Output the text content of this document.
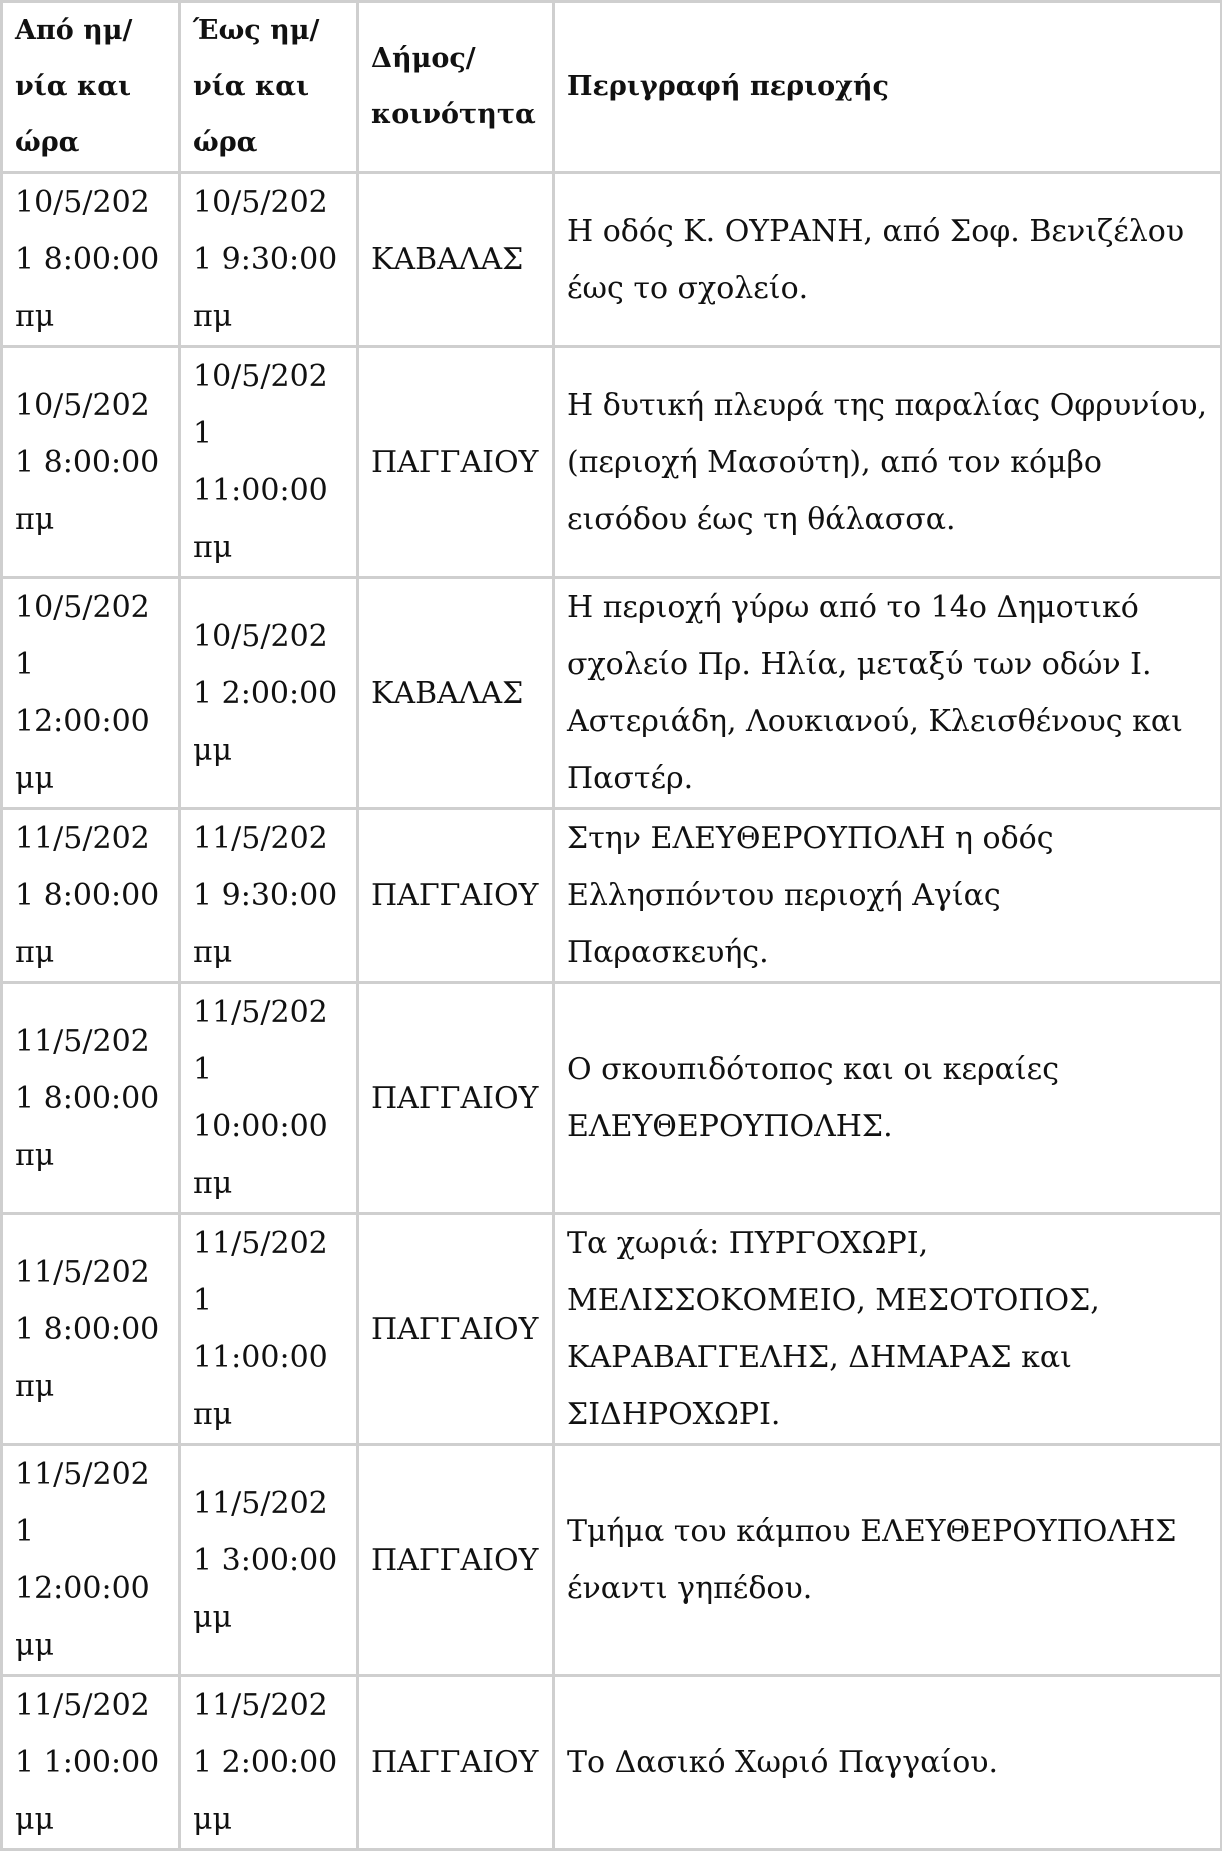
Από ημ/ νία και ώρα	Έως ημ/ νία και ώρα	Δήμος/ κοινότητα	Περιγραφή περιοχής
10/5/2021 8:00:00 πμ	10/5/2021 9:30:00 πμ	ΚΑΒΑΛΑΣ	Η οδός Κ. ΟΥΡΑΝΗ, από Σοφ. Βενιζέλου έως το σχολείο.
10/5/2021 8:00:00 πμ	10/5/2021 11:00:00 πμ	ΠΑΓΓΑΙΟΥ	Η δυτική πλευρά της παραλίας Οφρυνίου, (περιοχή Μασούτη), από τον κόμβο εισόδου έως τη θάλασσα.
10/5/2021 12:00:00 μμ	10/5/2021 2:00:00 μμ	ΚΑΒΑΛΑΣ	Η περιοχή γύρω από το 14ο Δημοτικό σχολείο Πρ. Ηλία, μεταξύ των οδών Ι. Αστεριάδη, Λουκιανού, Κλεισθένους και Παστέρ.
11/5/2021 8:00:00 πμ	11/5/2021 9:30:00 πμ	ΠΑΓΓΑΙΟΥ	Στην ΕΛΕΥΘΕΡΟΥΠΟΛΗ η οδός Ελλησπόντου περιοχή Αγίας Παρασκευής.
11/5/2021 8:00:00 πμ	11/5/2021 10:00:00 πμ	ΠΑΓΓΑΙΟΥ	Ο σκουπιδότοπος και οι κεραίες ΕΛΕΥΘΕΡΟΥΠΟΛΗΣ.
11/5/2021 8:00:00 πμ	11/5/2021 11:00:00 πμ	ΠΑΓΓΑΙΟΥ	Τα χωριά: ΠΥΡΓΟΧΩΡΙ, ΜΕΛΙΣΣΟΚΟΜΕΙΟ, ΜΕΣΟΤΟΠΟΣ, ΚΑΡΑΒΑΓΓΕΛΗΣ, ΔΗΜΑΡΑΣ και ΣΙΔΗΡΟΧΩΡΙ.
11/5/2021 12:00:00 μμ	11/5/2021 3:00:00 μμ	ΠΑΓΓΑΙΟΥ	Τμήμα του κάμπου ΕΛΕΥΘΕΡΟΥΠΟΛΗΣ έναντι γηπέδου.
11/5/2021 1:00:00 μμ	11/5/2021 2:00:00 μμ	ΠΑΓΓΑΙΟΥ	Το Δασικό Χωριό Παγγαίου.
